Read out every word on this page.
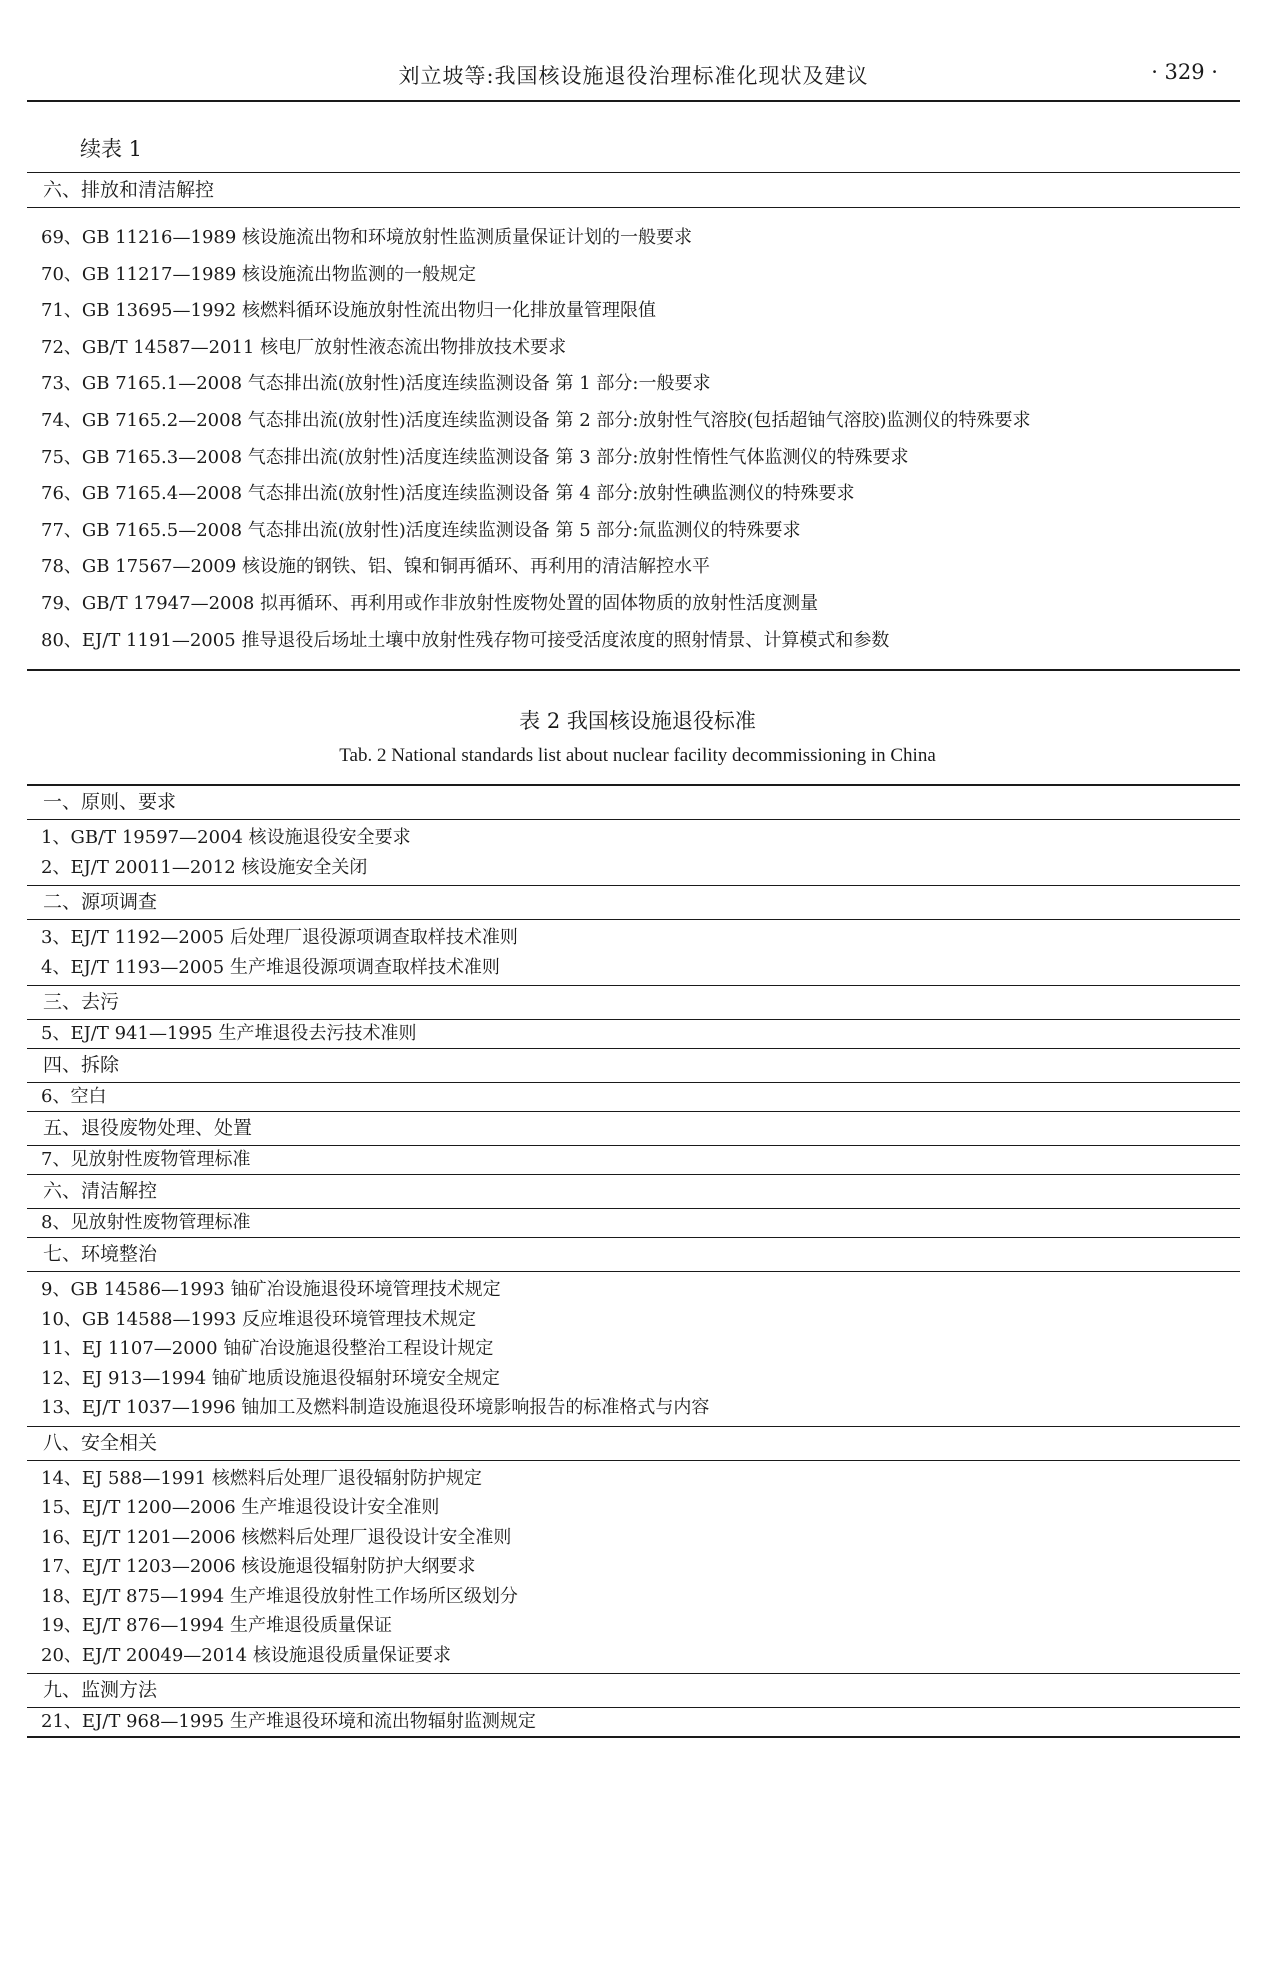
刘立坡等:我国核设施退役治理标准化现状及建议	· 329 ·
续表 1
六、排放和清洁解控
69、GB 11216—1989 核设施流出物和环境放射性监测质量保证计划的一般要求
70、GB 11217—1989 核设施流出物监测的一般规定
71、GB 13695—1992 核燃料循环设施放射性流出物归一化排放量管理限值
72、GB/T 14587—2011 核电厂放射性液态流出物排放技术要求
73、GB 7165.1—2008 气态排出流(放射性)活度连续监测设备 第 1 部分:一般要求
74、GB 7165.2—2008 气态排出流(放射性)活度连续监测设备 第 2 部分:放射性气溶胶(包括超铀气溶胶)监测仪的特殊要求
75、GB 7165.3—2008 气态排出流(放射性)活度连续监测设备 第 3 部分:放射性惰性气体监测仪的特殊要求
76、GB 7165.4—2008 气态排出流(放射性)活度连续监测设备 第 4 部分:放射性碘监测仪的特殊要求
77、GB 7165.5—2008 气态排出流(放射性)活度连续监测设备 第 5 部分:氚监测仪的特殊要求
78、GB 17567—2009 核设施的钢铁、铝、镍和铜再循环、再利用的清洁解控水平
79、GB/T 17947—2008 拟再循环、再利用或作非放射性废物处置的固体物质的放射性活度测量
80、EJ/T 1191—2005 推导退役后场址土壤中放射性残存物可接受活度浓度的照射情景、计算模式和参数
表 2 我国核设施退役标准
Tab. 2 National standards list about nuclear facility decommissioning in China
一、原则、要求
1、GB/T 19597—2004 核设施退役安全要求
2、EJ/T 20011—2012 核设施安全关闭
二、源项调查
3、EJ/T 1192—2005 后处理厂退役源项调查取样技术准则
4、EJ/T 1193—2005 生产堆退役源项调查取样技术准则
三、去污
5、EJ/T 941—1995 生产堆退役去污技术准则
四、拆除
6、空白
五、退役废物处理、处置
7、见放射性废物管理标准
六、清洁解控
8、见放射性废物管理标准
七、环境整治
9、GB 14586—1993 铀矿冶设施退役环境管理技术规定
10、GB 14588—1993 反应堆退役环境管理技术规定
11、EJ 1107—2000 铀矿冶设施退役整治工程设计规定
12、EJ 913—1994 铀矿地质设施退役辐射环境安全规定
13、EJ/T 1037—1996 铀加工及燃料制造设施退役环境影响报告的标准格式与内容
八、安全相关
14、EJ 588—1991 核燃料后处理厂退役辐射防护规定
15、EJ/T 1200—2006 生产堆退役设计安全准则
16、EJ/T 1201—2006 核燃料后处理厂退役设计安全准则
17、EJ/T 1203—2006 核设施退役辐射防护大纲要求
18、EJ/T 875—1994 生产堆退役放射性工作场所区级划分
19、EJ/T 876—1994 生产堆退役质量保证
20、EJ/T 20049—2014 核设施退役质量保证要求
九、监测方法
21、EJ/T 968—1995 生产堆退役环境和流出物辐射监测规定
